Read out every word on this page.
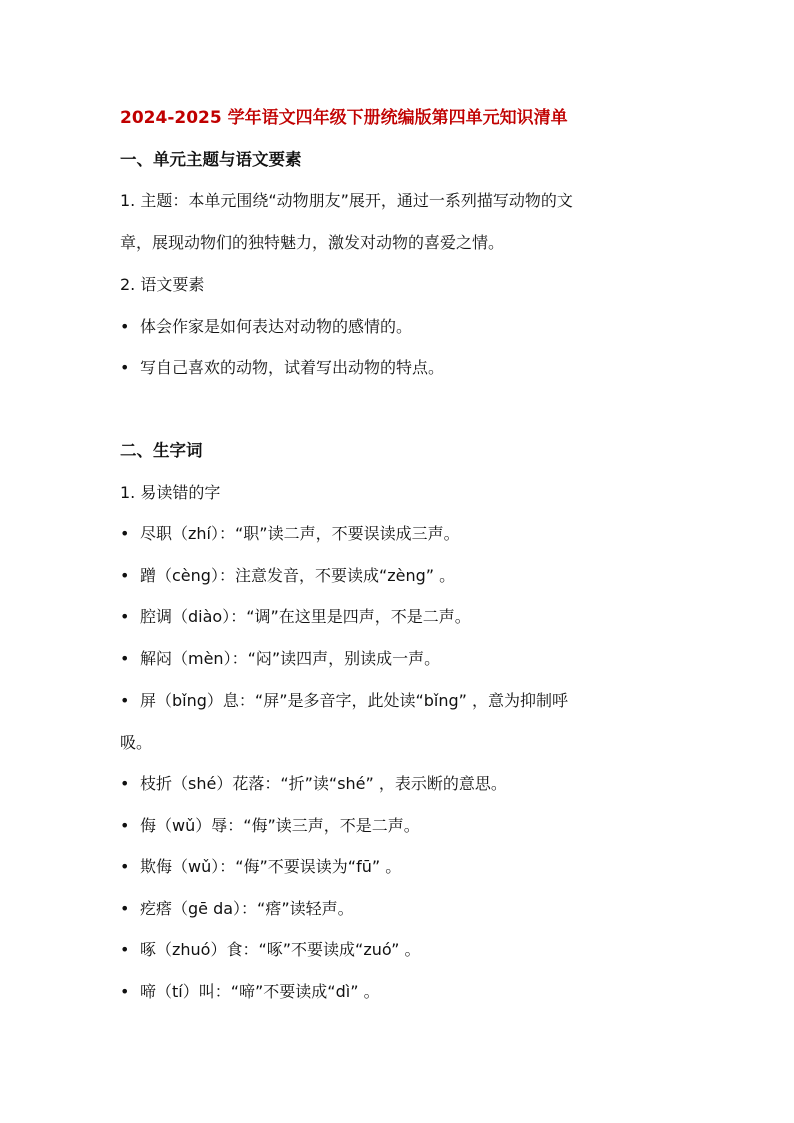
2024-2025 学年语文四年级下册统编版第四单元知识清单
一、单元主题与语文要素
1. 主题：本单元围绕“动物朋友”展开，通过一系列描写动物的文
章，展现动物们的独特魅力，激发对动物的喜爱之情。
2. 语文要素
• 体会作家是如何表达对动物的感情的。
• 写自己喜欢的动物，试着写出动物的特点。
二、生字词
1. 易读错的字
• 尽职（zhí）：“职”读二声，不要误读成三声。
• 蹭（cèng）：注意发音，不要读成“zèng” 。
• 腔调（diào）：“调”在这里是四声，不是二声。
• 解闷（mèn）：“闷”读四声，别读成一声。
• 屏（bǐng）息：“屏”是多音字，此处读“bǐng” ，意为抑制呼
吸。
• 枝折（shé）花落：“折”读“shé” ，表示断的意思。
• 侮（wǔ）辱：“侮”读三声，不是二声。
• 欺侮（wǔ）：“侮”不要误读为“fū” 。
• 疙瘩（gē da）：“瘩”读轻声。
• 啄（zhuó）食：“啄”不要读成“zuó” 。
• 啼（tí）叫：“啼”不要读成“dì” 。
